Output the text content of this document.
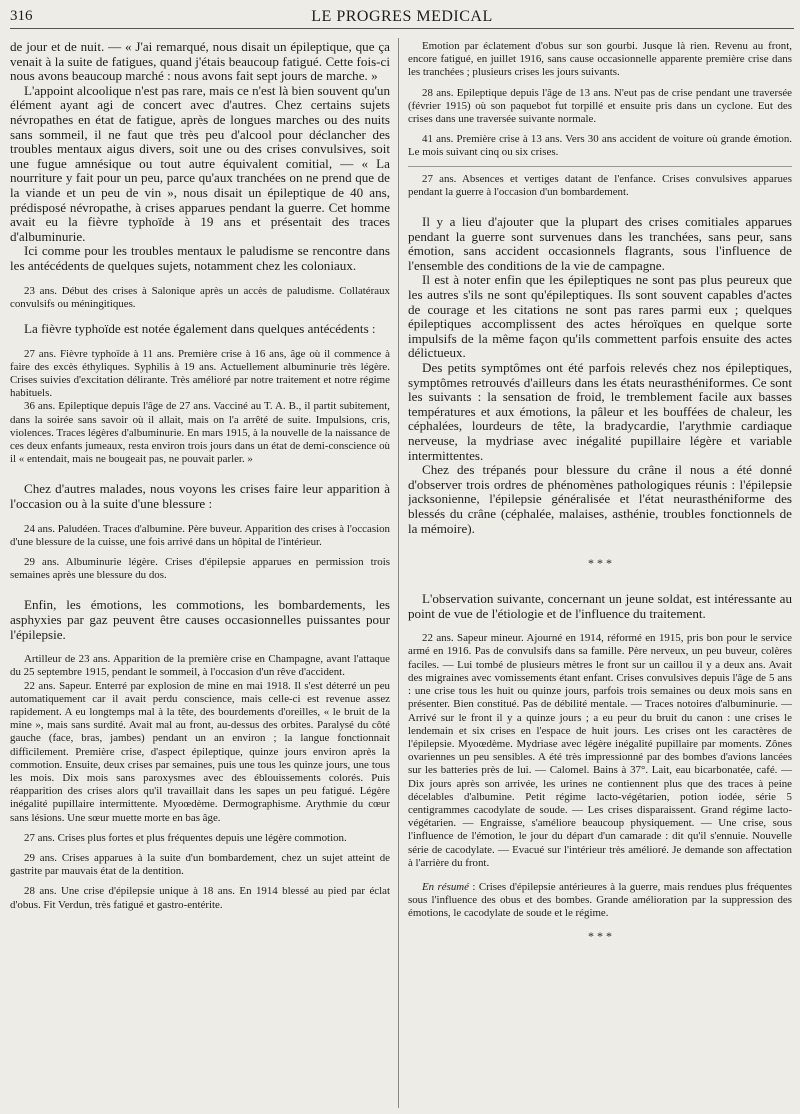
316	LE PROGRES MEDICAL

de jour et de nuit. — « J'ai remarqué, nous disait un épileptique, que ça venait à la suite de fatigues, quand j'étais beaucoup fatigué. Cette fois-ci nous avons beaucoup marché : nous avons fait sept jours de marche. »

L'appoint alcoolique n'est pas rare, mais ce n'est là bien souvent qu'un élément ayant agi de concert avec d'autres. Chez certains sujets névropathes en état de fatigue, après de longues marches ou des nuits sans sommeil, il ne faut que très peu d'alcool pour déclancher des troubles mentaux aigus divers, soit une ou des crises convulsives, soit une fugue amnésique ou tout autre équivalent comitial, — « La nourriture y fait pour un peu, parce qu'aux tranchées on ne prend que de la viande et un peu de vin », nous disait un épileptique de 40 ans, prédisposé névropathe, à crises apparues pendant la guerre. Cet homme avait eu la fièvre typhoïde à 19 ans et présentait des traces d'albuminurie.

Ici comme pour les troubles mentaux le paludisme se rencontre dans les antécédents de quelques sujets, notamment chez les coloniaux.

23 ans. Début des crises à Salonique après un accès de paludisme. Collatéraux convulsifs ou méningitiques.

La fièvre typhoïde est notée également dans quelques antécédents :

27 ans. Fièvre typhoïde à 11 ans. Première crise à 16 ans, âge où il commence à faire des excès éthyliques. Syphilis à 19 ans. Actuellement albuminurie très légère. Crises suivies d'excitation délirante. Très amélioré par notre traitement et notre régime habituels.

36 ans. Epileptique depuis l'âge de 27 ans. Vacciné au T. A. B., il partit subitement, dans la soirée sans savoir où il allait, mais on l'a arrêté de suite. Impulsions, cris, violences. Traces légères d'albuminurie. En mars 1915, à la nouvelle de la naissance de ces deux enfants jumeaux, resta environ trois jours dans un état de demi-conscience où il « entendait, mais ne bougeait pas, ne pouvait parler. »

Chez d'autres malades, nous voyons les crises faire leur apparition à l'occasion ou à la suite d'une blessure :

24 ans. Paludéen. Traces d'albumine. Père buveur. Apparition des crises à l'occasion d'une blessure de la cuisse, une fois arrivé dans un hôpital de l'intérieur.

29 ans. Albuminurie légère. Crises d'épilepsie apparues en permission trois semaines après une blessure du dos.

Enfin, les émotions, les commotions, les bombardements, les asphyxies par gaz peuvent être causes occasionnelles puissantes pour l'épilepsie.

Artilleur de 23 ans. Apparition de la première crise en Champagne, avant l'attaque du 25 septembre 1915, pendant le sommeil, à l'occasion d'un rêve d'accident.

22 ans. Sapeur. Enterré par explosion de mine en mai 1918. Il s'est déterré un peu automatiquement car il avait perdu conscience, mais celle-ci est revenue assez rapidement. A eu longtemps mal à la tête, des bourdements d'oreilles, « le bruit de la mine », mais sans surdité. Avait mal au front, au-dessus des orbites. Paralysé du côté gauche (face, bras, jambes) pendant un an environ ; la langue fonctionnait difficilement. Première crise, d'aspect épileptique, quinze jours environ après la commotion. Ensuite, deux crises par semaines, puis une tous les quinze jours, une tous les mois. Dix mois sans paroxysmes avec des éblouissements colorés. Puis réapparition des crises alors qu'il travaillait dans les sapes un peu fatigué. Légère inégalité pupillaire intermittente. Myoœdème. Dermographisme. Arythmie du cœur sans lésions. Une sœur muette morte en bas âge.

27 ans. Crises plus fortes et plus fréquentes depuis une légère commotion.

29 ans. Crises apparues à la suite d'un bombardement, chez un sujet atteint de gastrite par mauvais état de la dentition.

28 ans. Une crise d'épilepsie unique à 18 ans. En 1914 blessé au pied par éclat d'obus. Fit Verdun, très fatigué et gastro-entérite.

Emotion par éclatement d'obus sur son gourbi. Jusque là rien. Revenu au front, encore fatigué, en juillet 1916, sans cause occasionnelle apparente première crise dans les tranchées ; plusieurs crises les jours suivants.

28 ans. Epileptique depuis l'âge de 13 ans. N'eut pas de crise pendant une traversée (février 1915) où son paquebot fut torpillé et ensuite pris dans un cyclone. Eut des crises dans une traversée suivante normale.

41 ans. Première crise à 13 ans. Vers 30 ans accident de voiture où grande émotion. Le mois suivant cinq ou six crises.

27 ans. Absences et vertiges datant de l'enfance. Crises convulsives apparues pendant la guerre à l'occasion d'un bombardement.

Il y a lieu d'ajouter que la plupart des crises comitiales apparues pendant la guerre sont survenues dans les tranchées, sans peur, sans émotion, sans accident occasionnels flagrants, sous l'influence de l'ensemble des conditions de la vie de campagne.

Il est à noter enfin que les épileptiques ne sont pas plus peureux que les autres s'ils ne sont qu'épileptiques. Ils sont souvent capables d'actes de courage et les citations ne sont pas rares parmi eux ; quelques épileptiques accomplissent des actes héroïques en quelque sorte impulsifs de la même façon qu'ils commettent parfois ensuite des actes délictueux.

Des petits symptômes ont été parfois relevés chez nos épileptiques, symptômes retrouvés d'ailleurs dans les états neurasthéniformes. Ce sont les suivants : la sensation de froid, le tremblement facile aux basses températures et aux émotions, la pâleur et les bouffées de chaleur, les céphalées, lourdeurs de tête, la bradycardie, l'arythmie cardiaque nerveuse, la mydriase avec inégalité pupillaire légère et variable intermittentes.

Chez des trépanés pour blessure du crâne il nous a été donné d'observer trois ordres de phénomènes pathologiques réunis : l'épilepsie jacksonienne, l'épilepsie généralisée et l'état neurasthéniforme des blessés du crâne (céphalée, malaises, asthénie, troubles fonctionnels de la mémoire).

* * *

L'observation suivante, concernant un jeune soldat, est intéressante au point de vue de l'étiologie et de l'influence du traitement.

22 ans. Sapeur mineur. Ajourné en 1914, réformé en 1915, pris bon pour le service armé en 1916. Pas de convulsifs dans sa famille. Père nerveux, un peu buveur, colères faciles. — Lui tombé de plusieurs mètres le front sur un caillou il y a deux ans. Avait des migraines avec vomissements étant enfant. Crises convulsives depuis l'âge de 5 ans : une crise tous les huit ou quinze jours, parfois trois semaines ou deux mois sans en présenter. Bien constitué. Pas de débilité mentale. — Traces notoires d'albuminurie. — Arrivé sur le front il y a quinze jours ; a eu peur du bruit du canon : une crises le lendemain et six crises en l'espace de huit jours. Les crises ont les caractères de l'épilepsie. Myoœdème. Mydriase avec légère inégalité pupillaire par moments. Zônes ovariennes un peu sensibles. A été très impressionné par des bombes d'avions lancées sur les batteries près de lui. — Calomel. Bains à 37°. Lait, eau bicarbonatée, café. — Dix jours après son arrivée, les urines ne contiennent plus que des traces à peine décelables d'albumine. Petit régime lacto-végétarien, potion iodée, série 5 centigrammes cacodylate de soude. — Les crises disparaissent. Grand régime lacto-végétarien. — Engraisse, s'améliore beaucoup physiquement. — Une crise, sous l'influence de l'émotion, le jour du départ d'un camarade : dit qu'il s'ennuie. Nouvelle série de cacodylate. — Evacué sur l'intérieur très amélioré. Je demande son affectation à l'arrière du front.

En résumé : Crises d'épilepsie antérieures à la guerre, mais rendues plus fréquentes sous l'influence des obus et des bombes. Grande amélioration par la suppression des émotions, le cacodylate de soude et le régime.

* * *
